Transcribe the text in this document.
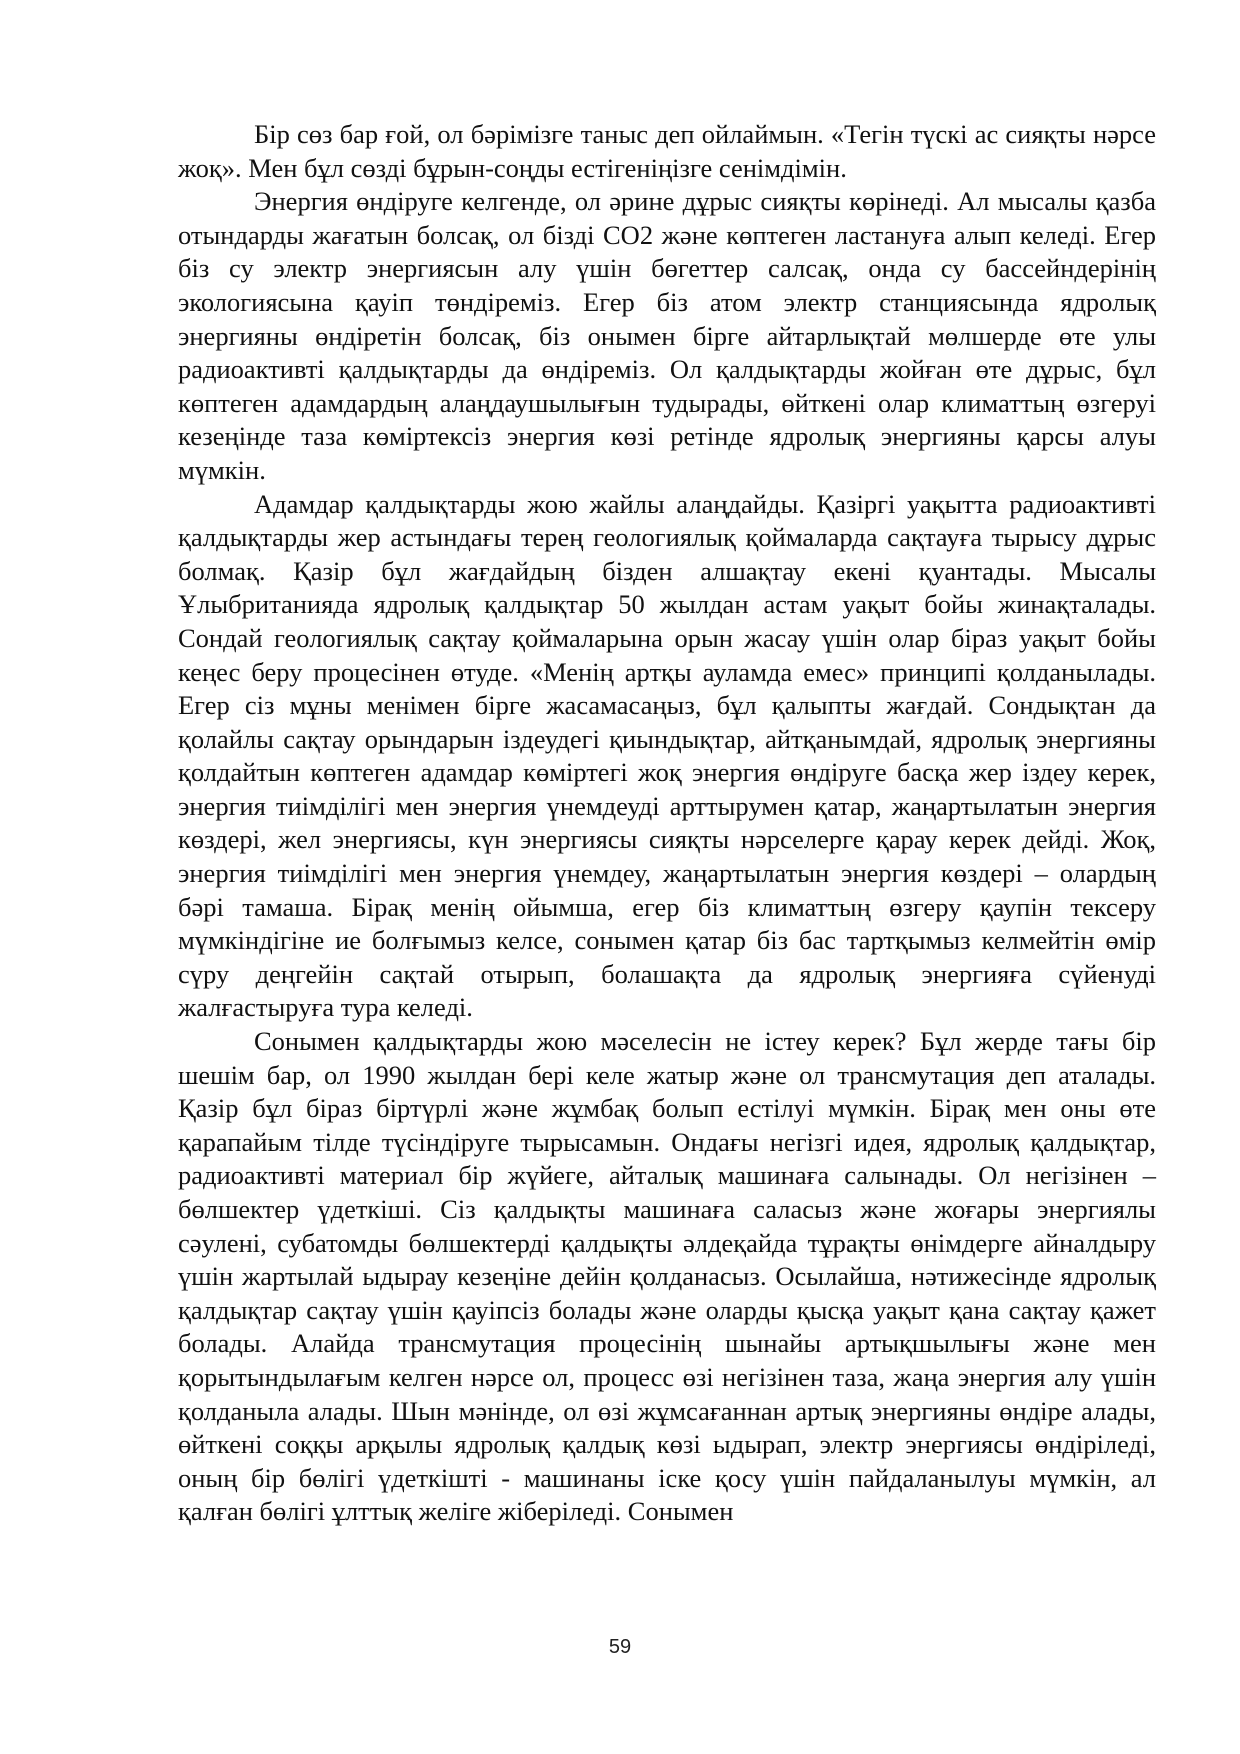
Бір сөз бар ғой, ол бәрімізге таныс деп ойлаймын. «Тегін түскі ас сияқты нәрсе жоқ». Мен бұл сөзді бұрын-соңды естігеніңізге сенімдімін.

Энергия өндіруге келгенде, ол әрине дұрыс сияқты көрінеді. Ал мысалы қазба отындарды жағатын болсақ, ол бізді СО2 және көптеген ластануға алып келеді. Егер біз су электр энергиясын алу үшін бөгеттер салсақ, онда су бассейндерінің экологиясына қауіп төндіреміз. Егер біз атом электр станциясында ядролық энергияны өндіретін болсақ, біз онымен бірге айтарлықтай мөлшерде өте улы радиоактивті қалдықтарды да өндіреміз. Ол қалдықтарды жойған өте дұрыс, бұл көптеген адамдардың алаңдаушылығын тудырады, өйткені олар климаттың өзгеруі кезеңінде таза көміртексіз энергия көзі ретінде ядролық энергияны қарсы алуы мүмкін.

Адамдар қалдықтарды жою жайлы алаңдайды. Қазіргі уақытта радиоактивті қалдықтарды жер астындағы терең геологиялық қоймаларда сақтауға тырысу дұрыс болмақ. Қазір бұл жағдайдың бізден алшақтау екені қуантады. Мысалы Ұлыбританияда ядролық қалдықтар 50 жылдан астам уақыт бойы жинақталады. Сондай геологиялық сақтау қоймаларына орын жасау үшін олар біраз уақыт бойы кеңес беру процесінен өтуде. «Менің артқы ауламда емес» принципі қолданылады. Егер сіз мұны менімен бірге жасамасаңыз, бұл қалыпты жағдай. Сондықтан да қолайлы сақтау орындарын іздеудегі қиындықтар, айтқанымдай, ядролық энергияны қолдайтын көптеген адамдар көміртегі жоқ энергия өндіруге басқа жер іздеу керек, энергия тиімділігі мен энергия үнемдеуді арттырумен қатар, жаңартылатын энергия көздері, жел энергиясы, күн энергиясы сияқты нәрселерге қарау керек дейді. Жоқ, энергия тиімділігі мен энергия үнемдеу, жаңартылатын энергия көздері – олардың бәрі тамаша. Бірақ менің ойымша, егер біз климаттың өзгеру қаупін тексеру мүмкіндігіне ие болғымыз келсе, сонымен қатар біз бас тартқымыз келмейтін өмір сүру деңгейін сақтай отырып, болашақта да ядролық энергияға сүйенуді жалғастыруға тура келеді.

Сонымен қалдықтарды жою мәселесін не істеу керек? Бұл жерде тағы бір шешім бар, ол 1990 жылдан бері келе жатыр және ол трансмутация деп аталады. Қазір бұл біраз біртүрлі және жұмбақ болып естілуі мүмкін. Бірақ мен оны өте қарапайым тілде түсіндіруге тырысамын. Ондағы негізгі идея, ядролық қалдықтар, радиоактивті материал бір жүйеге, айталық машинаға салынады. Ол негізінен – бөлшектер үдеткіші. Сіз қалдықты машинаға саласыз және жоғары энергиялы сәулені, субатомды бөлшектерді қалдықты әлдеқайда тұрақты өнімдерге айналдыру үшін жартылай ыдырау кезеңіне дейін қолданасыз. Осылайша, нәтижесінде ядролық қалдықтар сақтау үшін қауіпсіз болады және оларды қысқа уақыт қана сақтау қажет болады. Алайда трансмутация процесінің шынайы артықшылығы және мен қорытындылағым келген нәрсе ол, процесс өзі негізінен таза, жаңа энергия алу үшін қолданыла алады. Шын мәнінде, ол өзі жұмсағаннан артық энергияны өндіре алады, өйткені соққы арқылы ядролық қалдық көзі ыдырап, электр энергиясы өндіріледі, оның бір бөлігі үдеткішті - машинаны іске қосу үшін пайдаланылуы мүмкін, ал қалған бөлігі ұлттық желіге жіберіледі. Сонымен

59
